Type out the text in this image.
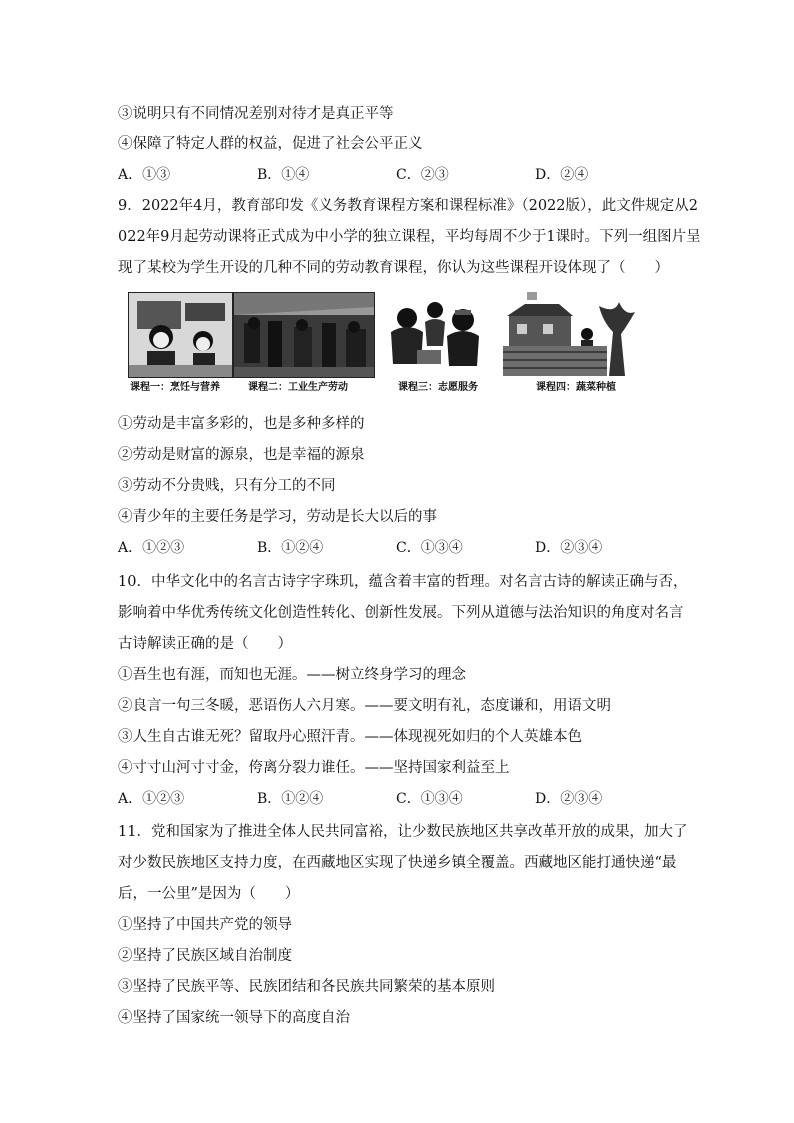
③说明只有不同情况差别对待才是真正平等
④保障了特定人群的权益，促进了社会公平正义
A．①③	B．①④	C．②③	D．②④
9．2022年4月，教育部印发《义务教育课程方案和课程标准》（2022版），此文件规定从2
022年9月起劳动课将正式成为中小学的独立课程，平均每周不少于1课时。下列一组图片呈
现了某校为学生开设的几种不同的劳动教育课程，你认为这些课程开设体现了（　　）
课程一：烹饪与营养	课程二：工业生产劳动	课程三：志愿服务	课程四：蔬菜种植
①劳动是丰富多彩的，也是多种多样的
②劳动是财富的源泉，也是幸福的源泉
③劳动不分贵贱，只有分工的不同
④青少年的主要任务是学习，劳动是长大以后的事
A．①②③	B．①②④	C．①③④	D．②③④
10．中华文化中的名言古诗字字珠玑，蕴含着丰富的哲理。对名言古诗的解读正确与否，
影响着中华优秀传统文化创造性转化、创新性发展。下列从道德与法治知识的角度对名言
古诗解读正确的是（　　）
①吾生也有涯，而知也无涯。——树立终身学习的理念
②良言一句三冬暖，恶语伤人六月寒。——要文明有礼，态度谦和，用语文明
③人生自古谁无死？留取丹心照汗青。——体现视死如归的个人英雄本色
④寸寸山河寸寸金，侉离分裂力谁任。——坚持国家利益至上
A．①②③	B．①②④	C．①③④	D．②③④
11．党和国家为了推进全体人民共同富裕，让少数民族地区共享改革开放的成果，加大了
对少数民族地区支持力度，在西藏地区实现了快递乡镇全覆盖。西藏地区能打通快递“最
后，一公里”是因为（　　）
①坚持了中国共产党的领导
②坚持了民族区域自治制度
③坚持了民族平等、民族团结和各民族共同繁荣的基本原则
④坚持了国家统一领导下的高度自治
